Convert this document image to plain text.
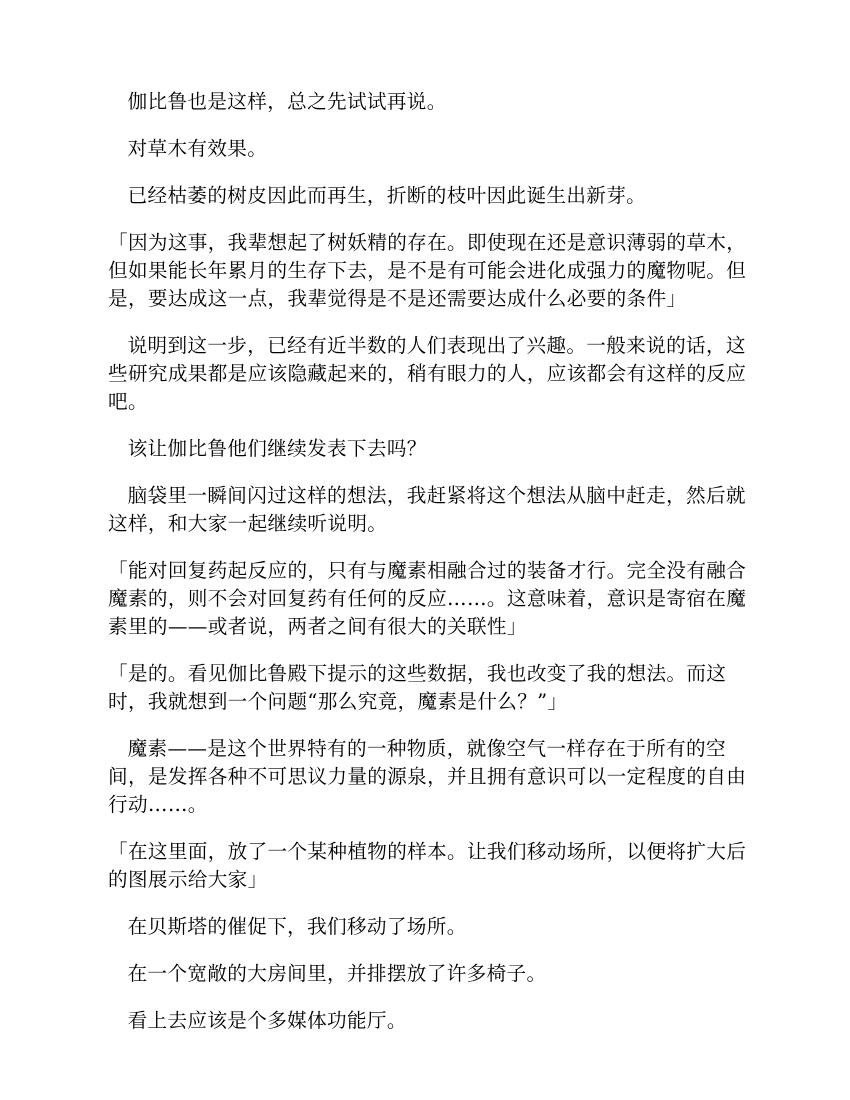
伽比鲁也是这样，总之先试试再说。

对草木有效果。

已经枯萎的树皮因此而再生，折断的枝叶因此诞生出新芽。

「因为这事，我辈想起了树妖精的存在。即使现在还是意识薄弱的草木，但如果能长年累月的生存下去，是不是有可能会进化成强力的魔物呢。但是，要达成这一点，我辈觉得是不是还需要达成什么必要的条件」

说明到这一步，已经有近半数的人们表现出了兴趣。一般来说的话，这些研究成果都是应该隐藏起来的，稍有眼力的人，应该都会有这样的反应吧。

该让伽比鲁他们继续发表下去吗？

脑袋里一瞬间闪过这样的想法，我赶紧将这个想法从脑中赶走，然后就这样，和大家一起继续听说明。

「能对回复药起反应的，只有与魔素相融合过的装备才行。完全没有融合魔素的，则不会对回复药有任何的反应……。这意味着，意识是寄宿在魔素里的——或者说，两者之间有很大的关联性」

「是的。看见伽比鲁殿下提示的这些数据，我也改变了我的想法。而这时，我就想到一个问题“那么究竟，魔素是什么？”」

魔素——是这个世界特有的一种物质，就像空气一样存在于所有的空间，是发挥各种不可思议力量的源泉，并且拥有意识可以一定程度的自由行动……。

「在这里面，放了一个某种植物的样本。让我们移动场所，以便将扩大后的图展示给大家」

在贝斯塔的催促下，我们移动了场所。

在一个宽敞的大房间里，并排摆放了许多椅子。

看上去应该是个多媒体功能厅。
